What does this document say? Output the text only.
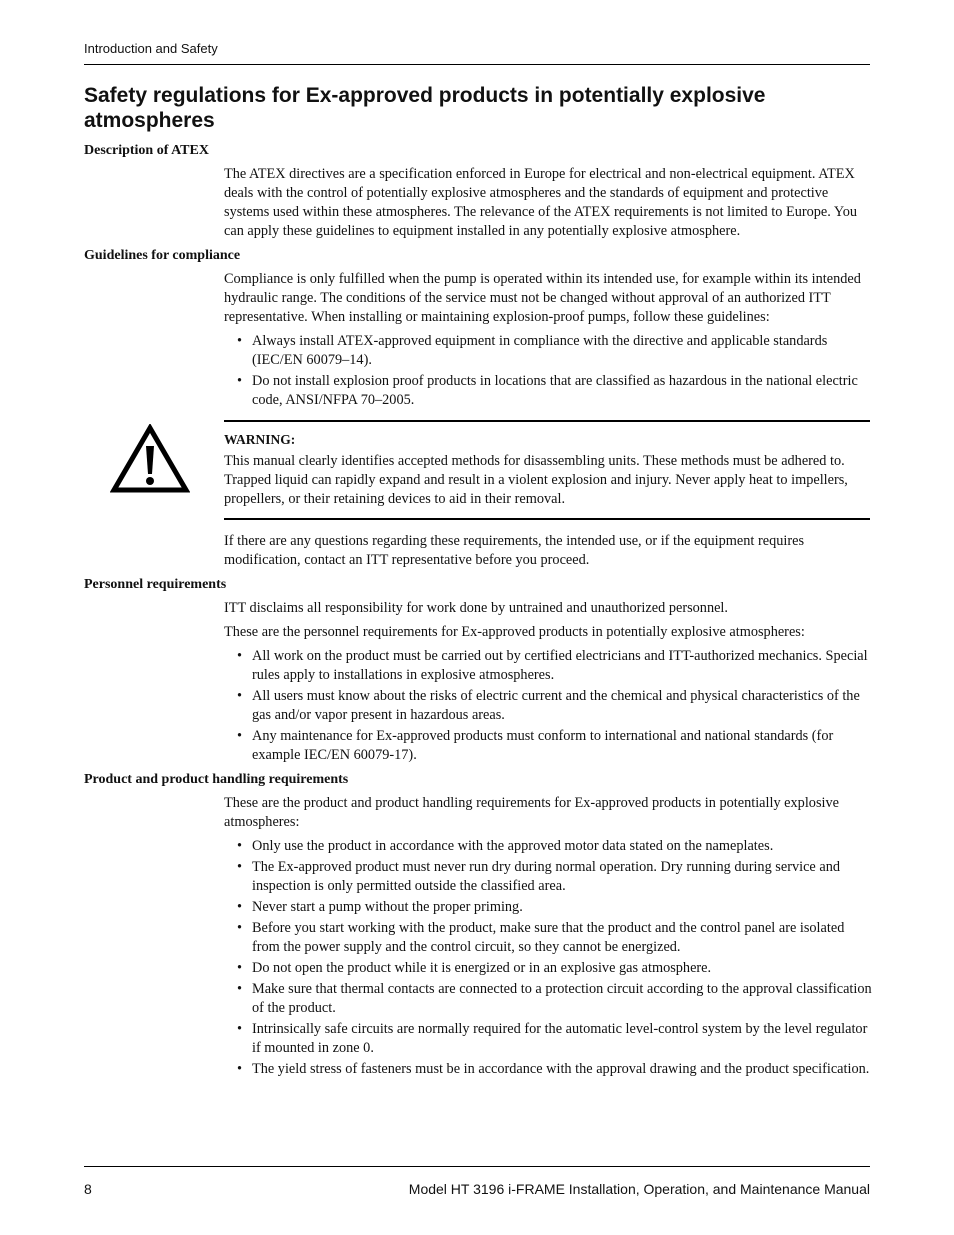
Introduction and Safety
Safety regulations for Ex-approved products in potentially explosive atmospheres
Description of ATEX

The ATEX directives are a specification enforced in Europe for electrical and non-electrical equipment. ATEX deals with the control of potentially explosive atmospheres and the standards of equipment and protective systems used within these atmospheres. The relevance of the ATEX requirements is not limited to Europe. You can apply these guidelines to equipment installed in any potentially explosive atmosphere.

Guidelines for compliance

Compliance is only fulfilled when the pump is operated within its intended use, for example within its intended hydraulic range. The conditions of the service must not be changed without approval of an authorized ITT representative. When installing or maintaining explosion-proof pumps, follow these guidelines:

• Always install ATEX-approved equipment in compliance with the directive and applicable standards (IEC/EN 60079–14).
• Do not install explosion proof products in locations that are classified as hazardous in the national electric code, ANSI/NFPA 70–2005.
WARNING:
This manual clearly identifies accepted methods for disassembling units. These methods must be adhered to. Trapped liquid can rapidly expand and result in a violent explosion and injury. Never apply heat to impellers, propellers, or their retaining devices to aid in their removal.

If there are any questions regarding these requirements, the intended use, or if the equipment requires modification, contact an ITT representative before you proceed.

Personnel requirements

ITT disclaims all responsibility for work done by untrained and unauthorized personnel.

These are the personnel requirements for Ex-approved products in potentially explosive atmospheres:

• All work on the product must be carried out by certified electricians and ITT-authorized mechanics. Special rules apply to installations in explosive atmospheres.
• All users must know about the risks of electric current and the chemical and physical characteristics of the gas and/or vapor present in hazardous areas.
• Any maintenance for Ex-approved products must conform to international and national standards (for example IEC/EN 60079-17).
Product and product handling requirements

These are the product and product handling requirements for Ex-approved products in potentially explosive atmospheres:

• Only use the product in accordance with the approved motor data stated on the nameplates.
• The Ex-approved product must never run dry during normal operation. Dry running during service and inspection is only permitted outside the classified area.
• Never start a pump without the proper priming.
• Before you start working with the product, make sure that the product and the control panel are isolated from the power supply and the control circuit, so they cannot be energized.
• Do not open the product while it is energized or in an explosive gas atmosphere.
• Make sure that thermal contacts are connected to a protection circuit according to the approval classification of the product.
• Intrinsically safe circuits are normally required for the automatic level-control system by the level regulator if mounted in zone 0.
• The yield stress of fasteners must be in accordance with the approval drawing and the product specification.
8	Model HT 3196 i-FRAME Installation, Operation, and Maintenance Manual
